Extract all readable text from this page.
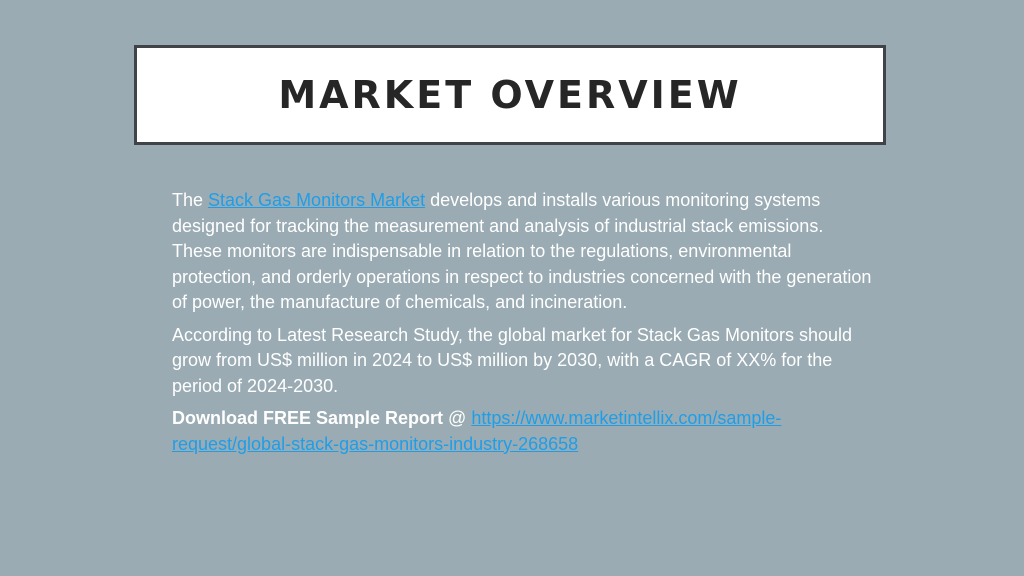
MARKET OVERVIEW

The Stack Gas Monitors Market develops and installs various monitoring systems designed for tracking the measurement and analysis of industrial stack emissions. These monitors are indispensable in relation to the regulations, environmental protection, and orderly operations in respect to industries concerned with the generation of power, the manufacture of chemicals, and incineration.

According to Latest Research Study, the global market for Stack Gas Monitors should grow from US$ million in 2024 to US$ million by 2030, with a CAGR of XX% for the period of 2024-2030.

Download FREE Sample Report @ https://www.marketintellix.com/sample-request/global-stack-gas-monitors-industry-268658
